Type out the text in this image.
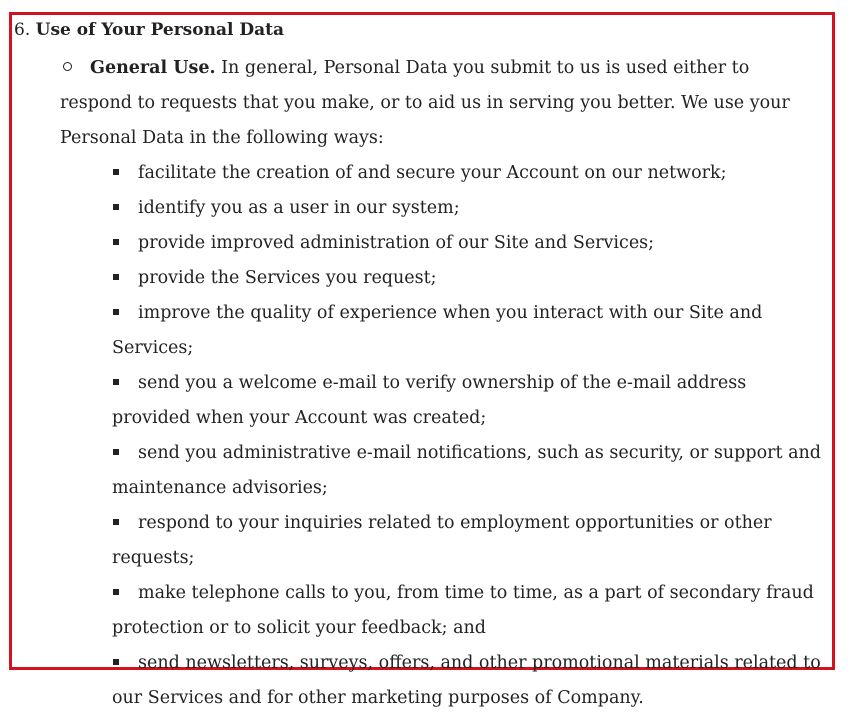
6. Use of Your Personal Data
General Use. In general, Personal Data you submit to us is used either to respond to requests that you make, or to aid us in serving you better. We use your Personal Data in the following ways:
facilitate the creation of and secure your Account on our network;
identify you as a user in our system;
provide improved administration of our Site and Services;
provide the Services you request;
improve the quality of experience when you interact with our Site and Services;
send you a welcome e-mail to verify ownership of the e-mail address provided when your Account was created;
send you administrative e-mail notifications, such as security, or support and maintenance advisories;
respond to your inquiries related to employment opportunities or other requests;
make telephone calls to you, from time to time, as a part of secondary fraud protection or to solicit your feedback; and
send newsletters, surveys, offers, and other promotional materials related to our Services and for other marketing purposes of Company.
